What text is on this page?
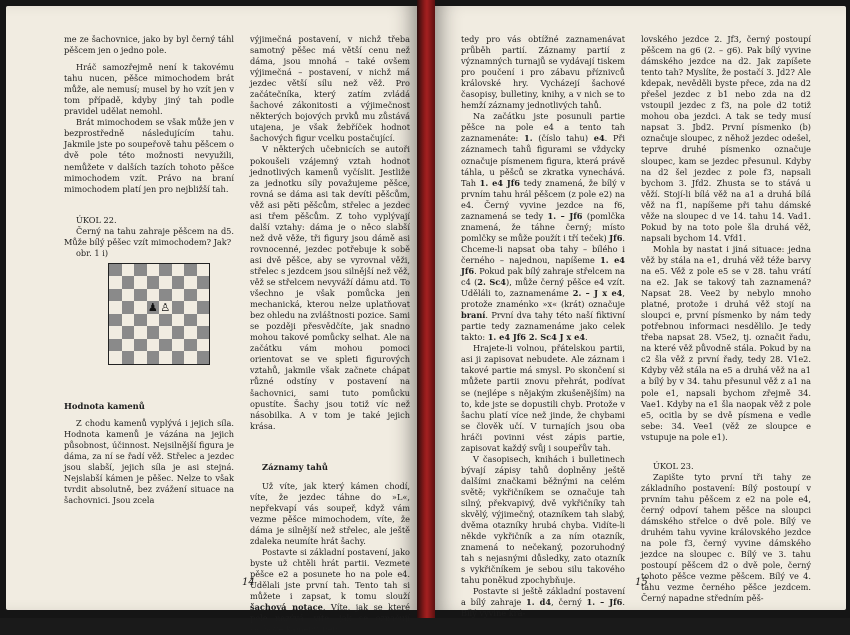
me ze šachovnice, jako by byl černý táhl pěšcem jen o jedno pole.

Hráč samozřejmě není k takovému tahu nucen, pěšce mimochodem brát může, ale nemusí; musel by ho vzít jen v tom případě, kdyby jiný tah podle pravidel udělat nemohl.

Brát mimochodem se však může jen v bezprostředně následujícím tahu. Jakmile jste po soupeřově tahu pěšcem o dvě pole této možnosti nevyužili, nemůžete v dalších tazích tohoto pěšce mimochodem vzít. Právo na braní mimochodem platí jen pro nejbližší tah.

ÚKOL 22.

Černý na tahu zahraje pěšcem na d5. Může bílý pěšec vzít mimochodem? Jak?

obr. 1 i)

♟ ♙
Hodnota kamenů

Z chodu kamenů vyplývá i jejich síla. Hodnota kamenů je vázána na jejich působnost, účinnost. Nejsilnější figura je dáma, za ní se řadí věž. Střelec a jezdec jsou slabší, jejich síla je asi stejná. Nejslabší kámen je pěšec. Nelze to však tvrdit absolutně, bez zvážení situace na šachovnici. Jsou zcela

výjimečná postavení, v nichž třeba samotný pěšec má větší cenu než dáma, jsou mnohá – také ovšem výjimečná – postavení, v nichž má jezdec větší sílu než věž. Pro začátečníka, který zatím zvládá šachové zákonitosti a výjimečnost některých bojových prvků mu zůstává utajena, je však žebříček hodnot šachových figur vcelku postačující.

V některých učebnicích se autoři pokoušeli vzájemný vztah hodnot jednotlivých kamenů vyčíslit. Jestliže za jednotku síly považujeme pěšce, rovná se dáma asi tak devíti pěšcům, věž asi pěti pěšcům, střelec a jezdec asi třem pěšcům. Z toho vyplývají další vztahy: dáma je o něco slabší než dvě věže, tři figury jsou dámě asi rovnocenné, jezdec potřebuje k sobě asi dvě pěšce, aby se vyrovnal věži, střelec s jezdcem jsou silnější než věž, věž se střelcem nevyváží dámu atd. To všechno je však pomůcka jen mechanická, kterou nelze uplatňovat bez ohledu na zvláštnosti pozice. Sami se později přesvědčíte, jak snadno mohou takové pomůcky selhat. Ale na začátku vám mohou pomoci orientovat se ve spleti figurových vztahů, jakmile však začnete chápat různé odstíny v postavení na šachovnici, sami tuto pomůcku opustíte. Šachy jsou totiž víc než násobilka. A v tom je také jejich krása.

Záznamy tahů

Už víte, jak který kámen chodí, víte, že jezdec táhne do »L«, nepřekvapí vás soupeř, když vám vezme pěšce mimochodem, víte, že dáma je silnější než střelec, ale ještě zdaleka neumíte hrát šachy.

Postavte si základní postavení, jako byste už chtěli hrát partii. Vezmete pěšce e2 a posunete ho na pole e4. Udělali jste první tah. Tento tah si můžete i zapsat, k tomu slouží šachová notace. Víte, jak se které pole nazývá, víte, jak se označují šachové kameny, není

14

tedy pro vás obtížné zaznamenávat průběh partií. Záznamy partií z významných turnajů se vydávají tiskem pro poučení i pro zábavu příznivců královské hry. Vycházejí šachové časopisy, bulletiny, knihy, a v nich se to hemží záznamy jednotlivých tahů.

Na začátku jste posunuli partie pěšce na pole e4 a tento tah zaznamenáte: 1. (číslo tahu) e4. Při záznamech tahů figurami se vždycky označuje písmenem figura, která právě táhla, u pěšců se zkratka vynechává. Tah 1. e4 Jf6 tedy znamená, že bílý v prvním tahu hrál pěšcem (z pole e2) na e4. Černý vyvine jezdce na f6, zaznamená se tedy 1. – Jf6 (pomlčka znamená, že táhne černý; místo pomlčky se může použít i tří teček) Jf6. Chceme-li napsat oba tahy – bílého i černého – najednou, napíšeme 1. e4 Jf6. Pokud pak bílý zahraje střelcem na c4 (2. Sc4), může černý pěšce e4 vzít. Uděláli to, zaznamenáme 2. – J x e4, protože znaménko »x« (krát) označuje braní. První dva tahy této naší fiktivní partie tedy zaznamenáme jako celek takto: 1. e4 Jf6 2. Sc4 J x e4.

Hrajete-li volnou, přátelskou partii, asi ji zapisovat nebudete. Ale záznam i takové partie má smysl. Po skončení si můžete partii znovu přehrát, podívat se (nejlépe s nějakým zkušenějším) na to, kde jste se dopustili chyb. Protože v šachu platí více než jinde, že chybami se člověk učí. V turnajích jsou oba hráči povinni vést zápis partie, zapisovat každý svůj i soupeřův tah.

V časopisech, knihách i bulletinech bývají zápisy tahů doplněny ještě dalšími značkami běžnými na celém světě; vykřičníkem se označuje tah silný, překvapivý, dvě vykřičníky tah skvělý, výjimečný, otazníkem tah slabý, dvěma otazníky hrubá chyba. Vidíte-li někde vykřičník a za ním otazník, znamená to nečekaný, pozoruhodný tah s nejasnými důsledky, zato otazník s vykřičníkem je sebou silu takového tahu poněkud zpochybňuje.

Postavte si ještě základní postavení a bílý zahraje 1. d4, černý 1. – Jf6. Bílý vyvine krá-

lovského jezdce 2. Jf3, černý postoupí pěšcem na g6 (2. – g6). Pak bílý vyvine dámského jezdce na d2. Jak zapíšete tento tah? Myslíte, že postačí 3. Jd2? Ale kdepak, nevěděli byste přece, zda na d2 přešel jezdec z b1 nebo zda na d2 vstoupil jezdec z f3, na pole d2 totiž mohou oba jezdci. A tak se tedy musí napsat 3. Jbd2. První písmenko (b) označuje sloupec, z něhož jezdec odešel, teprve druhé písmenko označuje sloupec, kam se jezdec přesunul. Kdyby na d2 šel jezdec z pole f3, napsali bychom 3. Jfd2. Zhusta se to stává u věží. Stojí-li bílá věž na a1 a druhá bílá věž na f1, napíšeme při tahu dámské věže na sloupec d ve 14. tahu 14. Vad1. Pokud by na toto pole šla druhá věž, napsali bychom 14. Vfd1.

Mohla by nastat i jiná situace: jedna věž by stála na e1, druhá věž téže barvy na e5. Věž z pole e5 se v 28. tahu vrátí na e2. Jak se takový tah zaznamená? Napsat 28. Vee2 by nebylo mnoho platné, protože i druhá věž stojí na sloupci e, první písmenko by nám tedy potřebnou informaci nesdělilo. Je tedy třeba napsat 28. V5e2, tj. označit řadu, na které věž původně stála. Pokud by na c2 šla věž z první řady, tedy 28. V1e2. Kdyby věž stála na e5 a druhá věž na a1 a bílý by v 34. tahu přesunul věž z a1 na pole e1, napsali bychom zřejmě 34. Vae1. Kdyby na e1 šla naopak věž z pole e5, ocitla by se dvě písmena e vedle sebe: 34. Vee1 (věž ze sloupce e vstupuje na pole e1).

ÚKOL 23.

Zapište tyto první tři tahy ze základního postavení: Bílý postoupí v prvním tahu pěšcem z e2 na pole e4, černý odpoví tahem pěšce na sloupci dámského střelce o dvě pole. Bílý ve druhém tahu vyvine královského jezdce na pole f3, černý vyvine dámského jezdce na sloupec c. Bílý ve 3. tahu postoupí pěšcem d2 o dvě pole, černý tohoto pěšce vezme pěšcem. Bílý ve 4. tahu vezme černého pěšce jezdcem. Černý napadne středním pěš-

15
